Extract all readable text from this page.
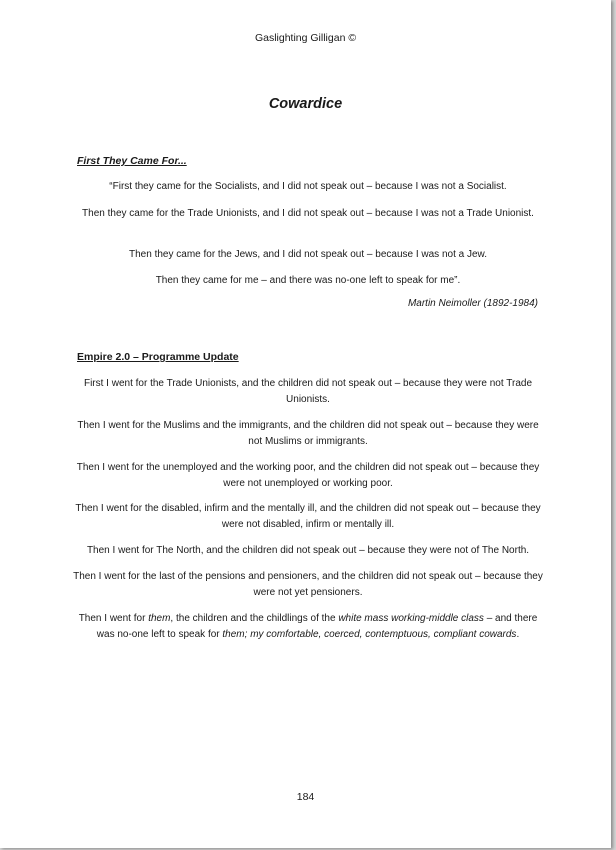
Gaslighting Gilligan ©
Cowardice
First They Came For...
“First they came for the Socialists, and I did not speak out – because I was not a Socialist.
Then they came for the Trade Unionists, and I did not speak out – because I was not a Trade Unionist.
Then they came for the Jews, and I did not speak out – because I was not a Jew.
Then they came for me – and there was no-one left to speak for me”.
Martin Neimoller (1892-1984)
Empire 2.0 – Programme Update
First I went for the Trade Unionists, and the children did not speak out – because they were not Trade Unionists.
Then I went for the Muslims and the immigrants, and the children did not speak out – because they were not Muslims or immigrants.
Then I went for the unemployed and the working poor, and the children did not speak out – because they were not unemployed or working poor.
Then I went for the disabled, infirm and the mentally ill, and the children did not speak out – because they were not disabled, infirm or mentally ill.
Then I went for The North, and the children did not speak out – because they were not of The North.
Then I went for the last of the pensions and pensioners, and the children did not speak out – because they were not yet pensioners.
Then I went for them, the children and the childlings of the white mass working-middle class – and there was no-one left to speak for them; my comfortable, coerced, contemptuous, compliant cowards.
184
